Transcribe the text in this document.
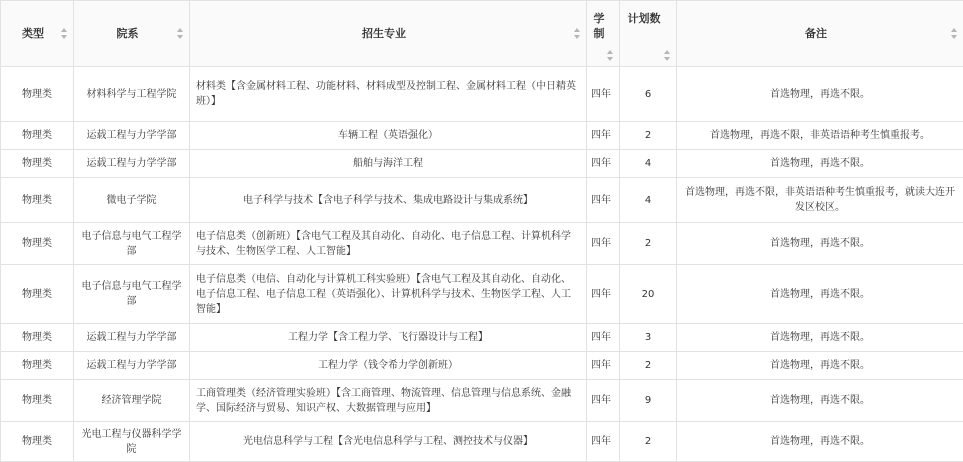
类型	院系	招生专业	学制	计划数	备注

物理类	材料科学与工程学院	材料类【含金属材料工程、功能材料、材料成型及控制工程、金属材料工程（中日精英班）】	四年	6	首选物理，再选不限。
物理类	运载工程与力学学部	车辆工程（英语强化）	四年	2	首选物理，再选不限，非英语语种考生慎重报考。
物理类	运载工程与力学学部	船舶与海洋工程	四年	4	首选物理，再选不限。
物理类	微电子学院	电子科学与技术【含电子科学与技术、集成电路设计与集成系统】	四年	4	首选物理，再选不限，非英语语种考生慎重报考，就读大连开发区校区。
物理类	电子信息与电气工程学部	电子信息类（创新班）【含电气工程及其自动化、自动化、电子信息工程、计算机科学与技术、生物医学工程、人工智能】	四年	2	首选物理，再选不限。
物理类	电子信息与电气工程学部	电子信息类（电信、自动化与计算机工科实验班）【含电气工程及其自动化、自动化、电子信息工程、电子信息工程（英语强化）、计算机科学与技术、生物医学工程、人工智能】	四年	20	首选物理，再选不限。
物理类	运载工程与力学学部	工程力学【含工程力学、飞行器设计与工程】	四年	3	首选物理，再选不限。
物理类	运载工程与力学学部	工程力学（钱令希力学创新班）	四年	2	首选物理，再选不限。
物理类	经济管理学院	工商管理类（经济管理实验班）【含工商管理、物流管理、信息管理与信息系统、金融学、国际经济与贸易、知识产权、大数据管理与应用】	四年	9	首选物理，再选不限。
物理类	光电工程与仪器科学学院	光电信息科学与工程【含光电信息科学与工程、测控技术与仪器】	四年	2	首选物理，再选不限。
